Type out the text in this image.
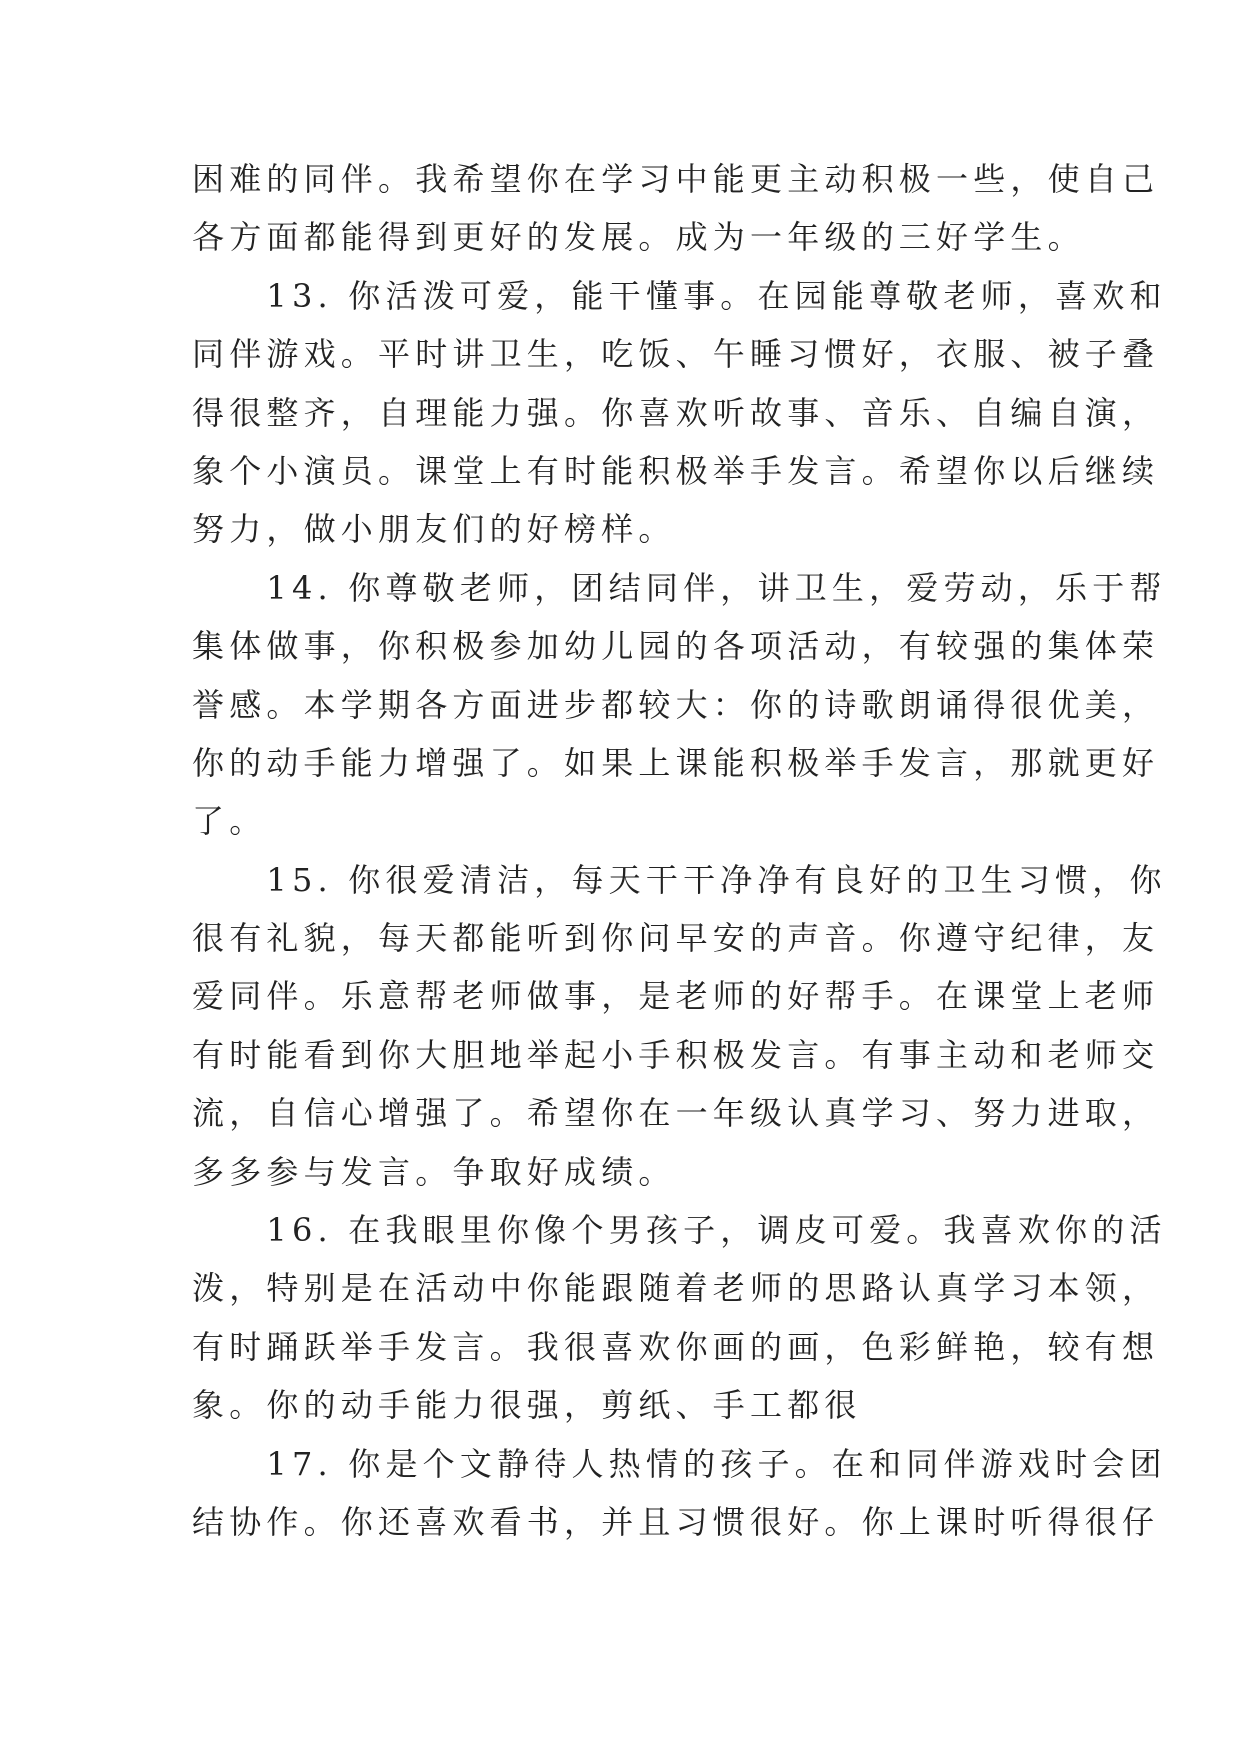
困难的同伴。我希望你在学习中能更主动积极一些，使自己
各方面都能得到更好的发展。成为一年级的三好学生。
　　13. 你活泼可爱，能干懂事。在园能尊敬老师，喜欢和
同伴游戏。平时讲卫生，吃饭、午睡习惯好，衣服、被子叠
得很整齐，自理能力强。你喜欢听故事、音乐、自编自演，
象个小演员。课堂上有时能积极举手发言。希望你以后继续
努力，做小朋友们的好榜样。
　　14. 你尊敬老师，团结同伴，讲卫生，爱劳动，乐于帮
集体做事，你积极参加幼儿园的各项活动，有较强的集体荣
誉感。本学期各方面进步都较大：你的诗歌朗诵得很优美，
你的动手能力增强了。如果上课能积极举手发言，那就更好
了。
　　15. 你很爱清洁，每天干干净净有良好的卫生习惯，你
很有礼貌，每天都能听到你问早安的声音。你遵守纪律，友
爱同伴。乐意帮老师做事，是老师的好帮手。在课堂上老师
有时能看到你大胆地举起小手积极发言。有事主动和老师交
流，自信心增强了。希望你在一年级认真学习、努力进取，
多多参与发言。争取好成绩。
　　16. 在我眼里你像个男孩子，调皮可爱。我喜欢你的活
泼，特别是在活动中你能跟随着老师的思路认真学习本领，
有时踊跃举手发言。我很喜欢你画的画，色彩鲜艳，较有想
象。你的动手能力很强，剪纸、手工都很
　　17. 你是个文静待人热情的孩子。在和同伴游戏时会团
结协作。你还喜欢看书，并且习惯很好。你上课时听得很仔
